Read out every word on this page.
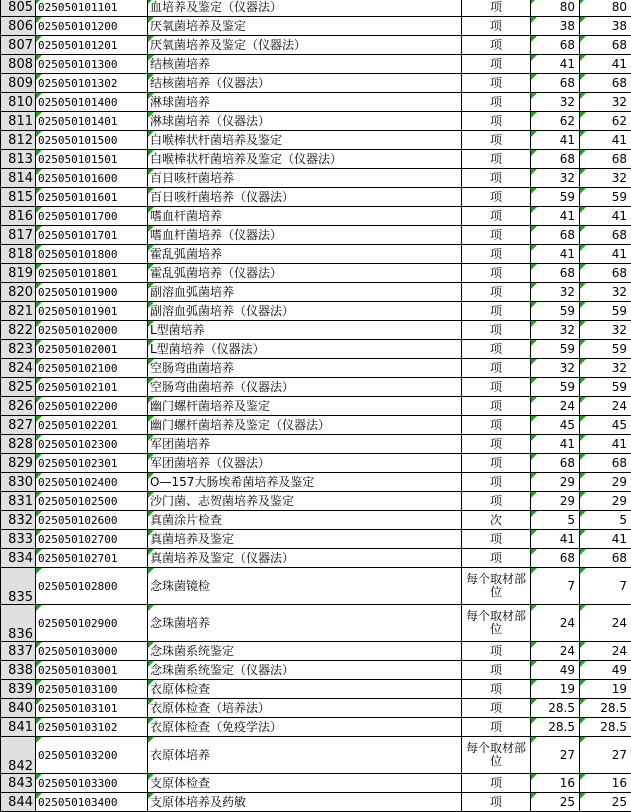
805	025050101101	血培养及鉴定（仪器法）	项	80	80
806	025050101200	厌氧菌培养及鉴定	项	38	38
807	025050101201	厌氧菌培养及鉴定（仪器法）	项	68	68
808	025050101300	结核菌培养	项	41	41
809	025050101302	结核菌培养（仪器法）	项	68	68
810	025050101400	淋球菌培养	项	32	32
811	025050101401	淋球菌培养（仪器法）	项	62	62
812	025050101500	白喉棒状杆菌培养及鉴定	项	41	41
813	025050101501	白喉棒状杆菌培养及鉴定（仪器法）	项	68	68
814	025050101600	百日咳杆菌培养	项	32	32
815	025050101601	百日咳杆菌培养（仪器法）	项	59	59
816	025050101700	嗜血杆菌培养	项	41	41
817	025050101701	嗜血杆菌培养（仪器法）	项	68	68
818	025050101800	霍乱弧菌培养	项	41	41
819	025050101801	霍乱弧菌培养（仪器法）	项	68	68
820	025050101900	副溶血弧菌培养	项	32	32
821	025050101901	副溶血弧菌培养（仪器法）	项	59	59
822	025050102000	L型菌培养	项	32	32
823	025050102001	L型菌培养（仪器法）	项	59	59
824	025050102100	空肠弯曲菌培养	项	32	32
825	025050102101	空肠弯曲菌培养（仪器法）	项	59	59
826	025050102200	幽门螺杆菌培养及鉴定	项	24	24
827	025050102201	幽门螺杆菌培养及鉴定（仪器法）	项	45	45
828	025050102300	军团菌培养	项	41	41
829	025050102301	军团菌培养（仪器法）	项	68	68
830	025050102400	O—157大肠埃希菌培养及鉴定	项	29	29
831	025050102500	沙门菌、志贺菌培养及鉴定	项	29	29
832	025050102600	真菌涂片检查	次	5	5
833	025050102700	真菌培养及鉴定	项	41	41
834	025050102701	真菌培养及鉴定（仪器法）	项	68	68
835	025050102800	念珠菌镜检	每个取材部位	7	7
836	025050102900	念珠菌培养	每个取材部位	24	24
837	025050103000	念珠菌系统鉴定	项	24	24
838	025050103001	念珠菌系统鉴定（仪器法）	项	49	49
839	025050103100	衣原体检查	项	19	19
840	025050103101	衣原体检查（培养法）	项	28.5	28.5
841	025050103102	衣原体检查（免疫学法）	项	28.5	28.5
842	025050103200	衣原体培养	每个取材部位	27	27
843	025050103300	支原体检查	项	16	16
844	025050103400	支原体培养及药敏	项	25	25
